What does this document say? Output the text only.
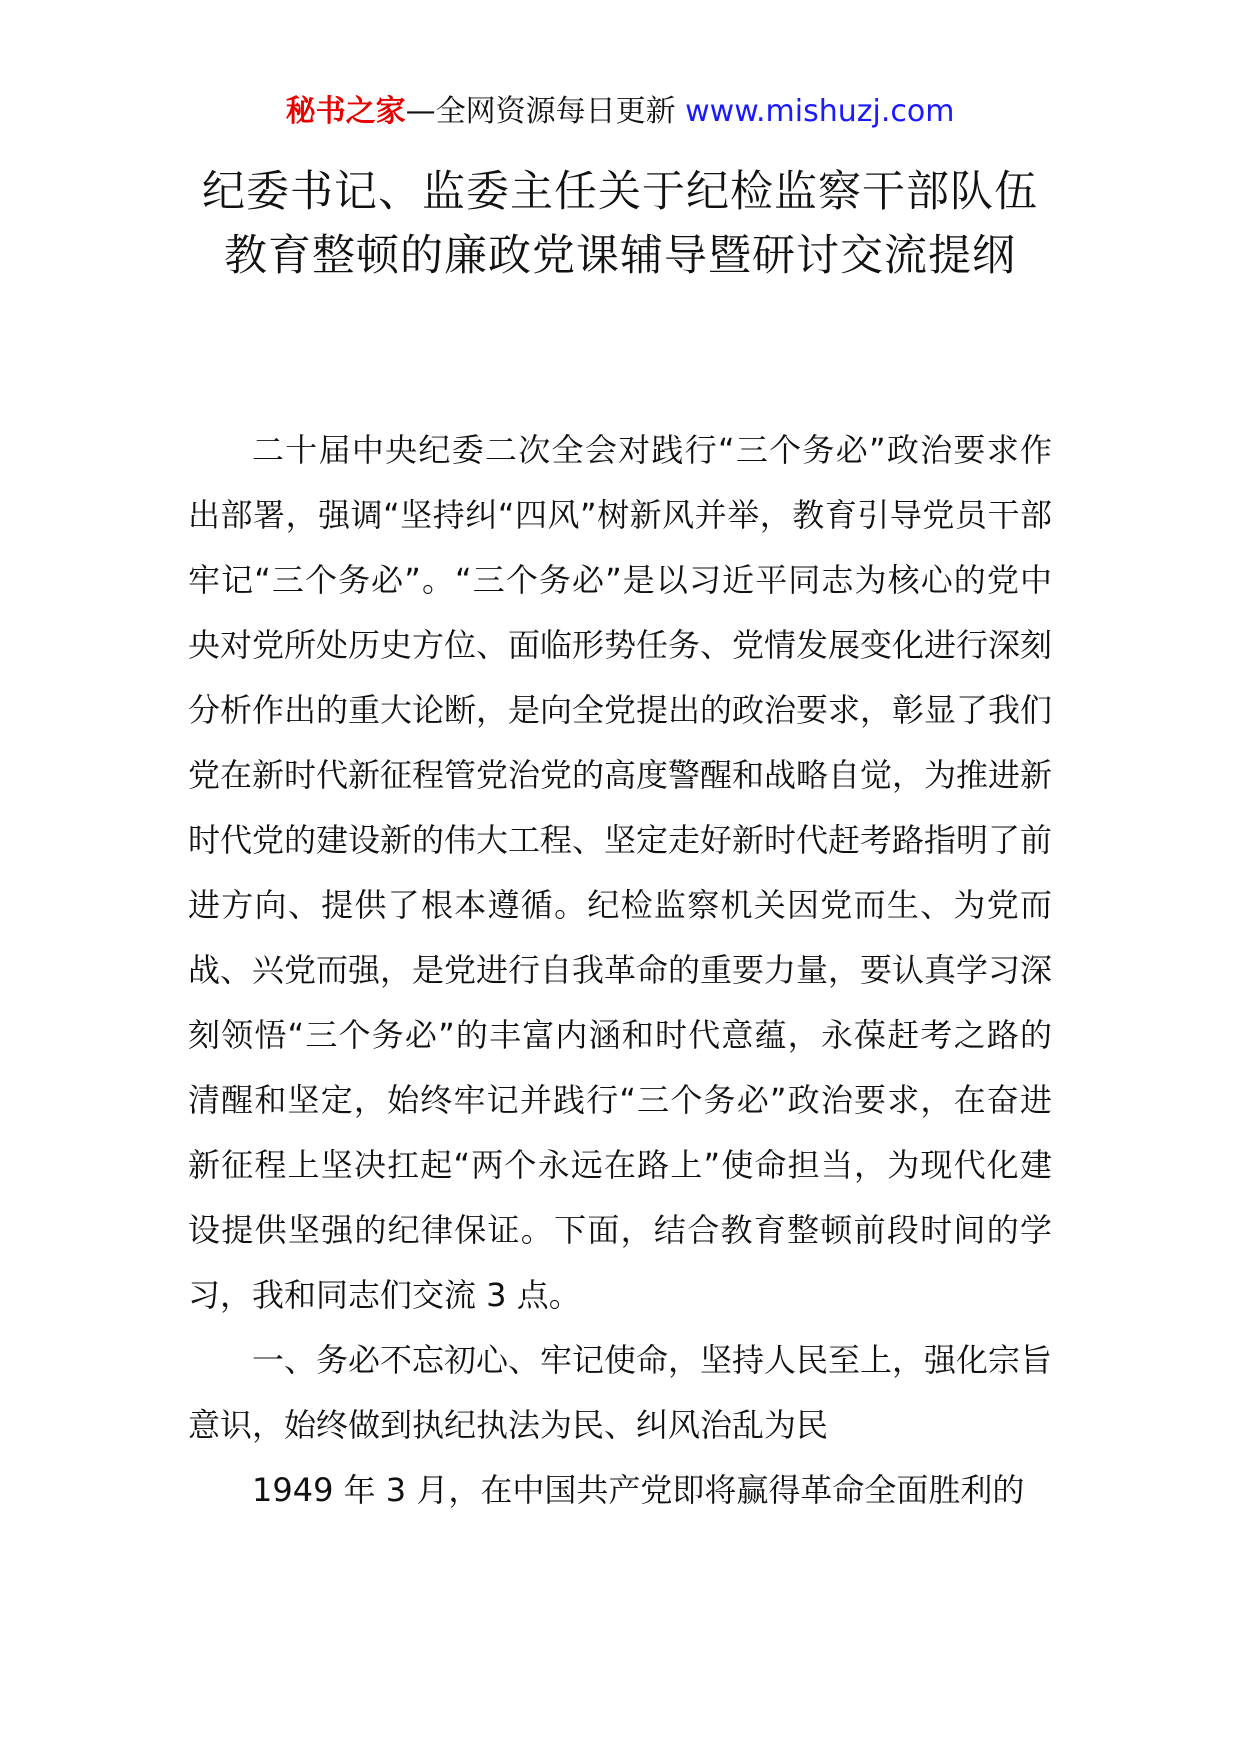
秘书之家—全网资源每日更新 www.mishuzj.com
纪委书记、监委主任关于纪检监察干部队伍教育整顿的廉政党课辅导暨研讨交流提纲

二十届中央纪委二次全会对践行“三个务必”政治要求作出部署，强调“坚持纠“四风”树新风并举，教育引导党员干部牢记“三个务必”。“三个务必”是以习近平同志为核心的党中央对党所处历史方位、面临形势任务、党情发展变化进行深刻分析作出的重大论断，是向全党提出的政治要求，彰显了我们党在新时代新征程管党治党的高度警醒和战略自觉，为推进新时代党的建设新的伟大工程、坚定走好新时代赶考路指明了前进方向、提供了根本遵循。纪检监察机关因党而生、为党而战、兴党而强，是党进行自我革命的重要力量，要认真学习深刻领悟“三个务必”的丰富内涵和时代意蕴，永葆赶考之路的清醒和坚定，始终牢记并践行“三个务必”政治要求，在奋进新征程上坚决扛起“两个永远在路上”使命担当，为现代化建设提供坚强的纪律保证。下面，结合教育整顿前段时间的学习，我和同志们交流 3 点。

一、务必不忘初心、牢记使命，坚持人民至上，强化宗旨意识，始终做到执纪执法为民、纠风治乱为民

1949 年 3 月，在中国共产党即将赢得革命全面胜利的
